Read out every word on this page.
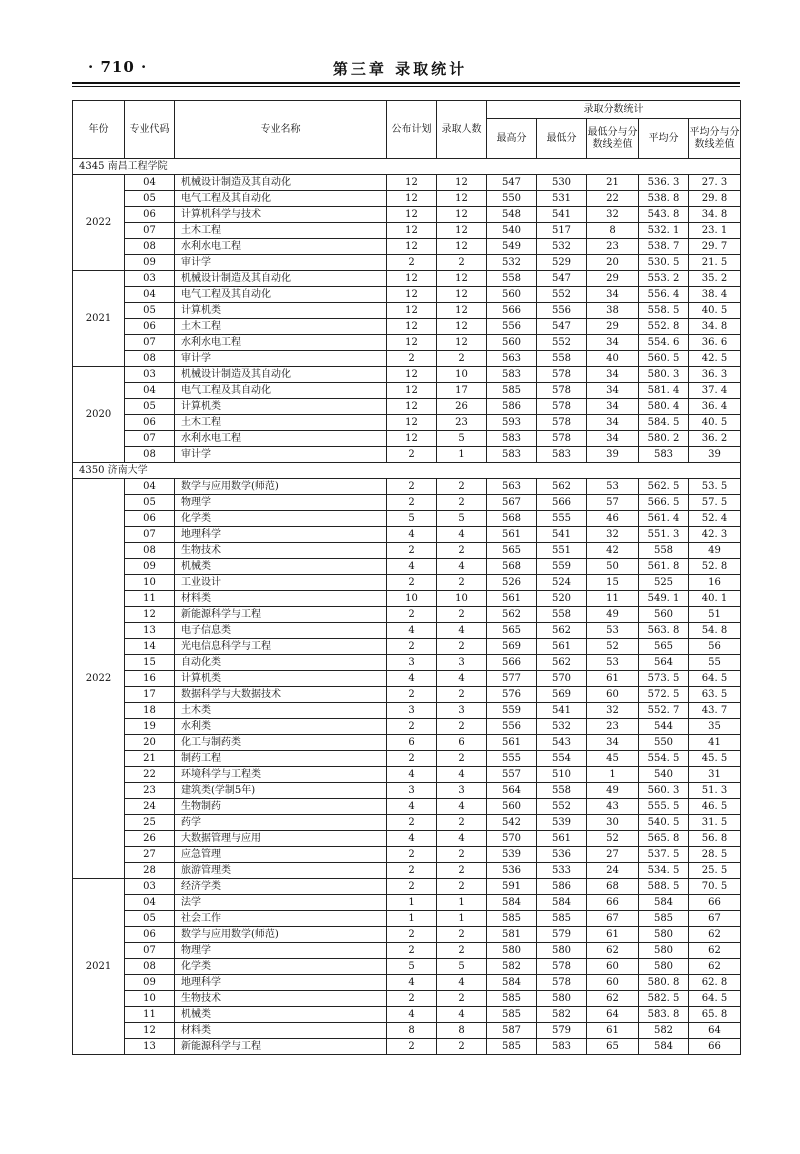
· 710 ·	第三章 录取统计
年份	专业代码	专业名称	公布计划	录取人数	录取分数统计				
					最高分	最低分	最低分与分数线差值	平均分	平均分与分数线差值
4345 南昌工程学院									
2022	04	机械设计制造及其自动化	12	12	547	530	21	536. 3	27. 3
	05	电气工程及其自动化	12	12	550	531	22	538. 8	29. 8
	06	计算机科学与技术	12	12	548	541	32	543. 8	34. 8
	07	土木工程	12	12	540	517	8	532. 1	23. 1
	08	水利水电工程	12	12	549	532	23	538. 7	29. 7
	09	审计学	2	2	532	529	20	530. 5	21. 5
2021	03	机械设计制造及其自动化	12	12	558	547	29	553. 2	35. 2
	04	电气工程及其自动化	12	12	560	552	34	556. 4	38. 4
	05	计算机类	12	12	566	556	38	558. 5	40. 5
	06	土木工程	12	12	556	547	29	552. 8	34. 8
	07	水利水电工程	12	12	560	552	34	554. 6	36. 6
	08	审计学	2	2	563	558	40	560. 5	42. 5
2020	03	机械设计制造及其自动化	12	10	583	578	34	580. 3	36. 3
	04	电气工程及其自动化	12	17	585	578	34	581. 4	37. 4
	05	计算机类	12	26	586	578	34	580. 4	36. 4
	06	土木工程	12	23	593	578	34	584. 5	40. 5
	07	水利水电工程	12	5	583	578	34	580. 2	36. 2
	08	审计学	2	1	583	583	39	583	39
4350 济南大学									
2022	04	数学与应用数学(师范)	2	2	563	562	53	562. 5	53. 5
	05	物理学	2	2	567	566	57	566. 5	57. 5
	06	化学类	5	5	568	555	46	561. 4	52. 4
	07	地理科学	4	4	561	541	32	551. 3	42. 3
	08	生物技术	2	2	565	551	42	558	49
	09	机械类	4	4	568	559	50	561. 8	52. 8
	10	工业设计	2	2	526	524	15	525	16
	11	材料类	10	10	561	520	11	549. 1	40. 1
	12	新能源科学与工程	2	2	562	558	49	560	51
	13	电子信息类	4	4	565	562	53	563. 8	54. 8
	14	光电信息科学与工程	2	2	569	561	52	565	56
	15	自动化类	3	3	566	562	53	564	55
	16	计算机类	4	4	577	570	61	573. 5	64. 5
	17	数据科学与大数据技术	2	2	576	569	60	572. 5	63. 5
	18	土木类	3	3	559	541	32	552. 7	43. 7
	19	水利类	2	2	556	532	23	544	35
	20	化工与制药类	6	6	561	543	34	550	41
	21	制药工程	2	2	555	554	45	554. 5	45. 5
	22	环境科学与工程类	4	4	557	510	1	540	31
	23	建筑类(学制5年)	3	3	564	558	49	560. 3	51. 3
	24	生物制药	4	4	560	552	43	555. 5	46. 5
	25	药学	2	2	542	539	30	540. 5	31. 5
	26	大数据管理与应用	4	4	570	561	52	565. 8	56. 8
	27	应急管理	2	2	539	536	27	537. 5	28. 5
	28	旅游管理类	2	2	536	533	24	534. 5	25. 5
2021	03	经济学类	2	2	591	586	68	588. 5	70. 5
	04	法学	1	1	584	584	66	584	66
	05	社会工作	1	1	585	585	67	585	67
	06	数学与应用数学(师范)	2	2	581	579	61	580	62
	07	物理学	2	2	580	580	62	580	62
	08	化学类	5	5	582	578	60	580	62
	09	地理科学	4	4	584	578	60	580. 8	62. 8
	10	生物技术	2	2	585	580	62	582. 5	64. 5
	11	机械类	4	4	585	582	64	583. 8	65. 8
	12	材料类	8	8	587	579	61	582	64
	13	新能源科学与工程	2	2	585	583	65	584	66
